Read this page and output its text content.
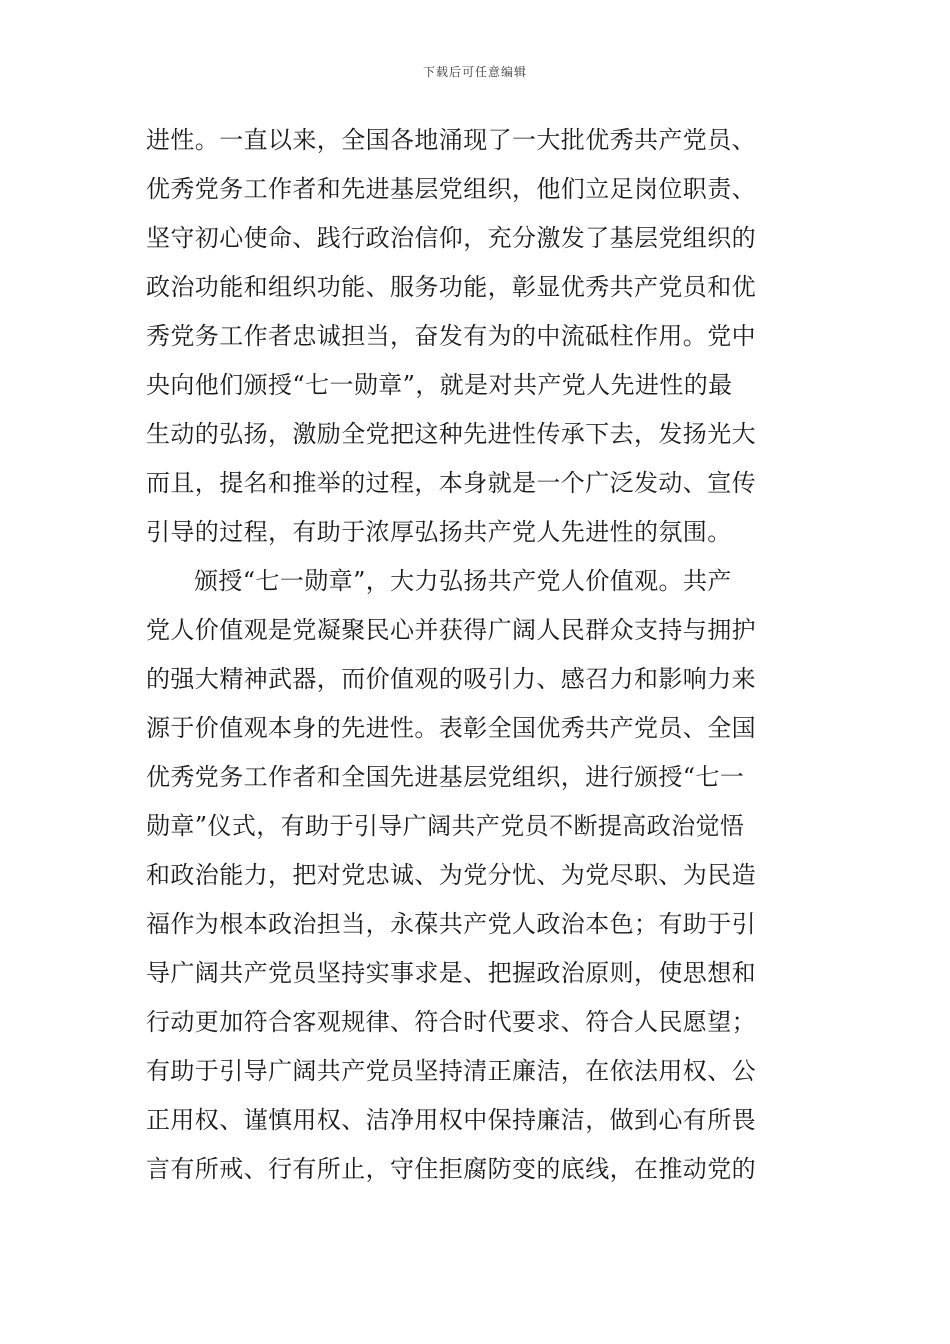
下载后可任意编辑
进性。一直以来，全国各地涌现了一大批优秀共产党员、
优秀党务工作者和先进基层党组织，他们立足岗位职责、
坚守初心使命、践行政治信仰，充分激发了基层党组织的
政治功能和组织功能、服务功能，彰显优秀共产党员和优
秀党务工作者忠诚担当，奋发有为的中流砥柱作用。党中
央向他们颁授“七一勋章”，就是对共产党人先进性的最
生动的弘扬，激励全党把这种先进性传承下去，发扬光大
而且，提名和推举的过程，本身就是一个广泛发动、宣传
引导的过程，有助于浓厚弘扬共产党人先进性的氛围。
颁授“七一勋章”，大力弘扬共产党人价值观。共产
党人价值观是党凝聚民心并获得广阔人民群众支持与拥护
的强大精神武器，而价值观的吸引力、感召力和影响力来
源于价值观本身的先进性。表彰全国优秀共产党员、全国
优秀党务工作者和全国先进基层党组织，进行颁授“七一
勋章”仪式，有助于引导广阔共产党员不断提高政治觉悟
和政治能力，把对党忠诚、为党分忧、为党尽职、为民造
福作为根本政治担当，永葆共产党人政治本色；有助于引
导广阔共产党员坚持实事求是、把握政治原则，使思想和
行动更加符合客观规律、符合时代要求、符合人民愿望；
有助于引导广阔共产党员坚持清正廉洁，在依法用权、公
正用权、谨慎用权、洁净用权中保持廉洁，做到心有所畏
言有所戒、行有所止，守住拒腐防变的底线，在推动党的
